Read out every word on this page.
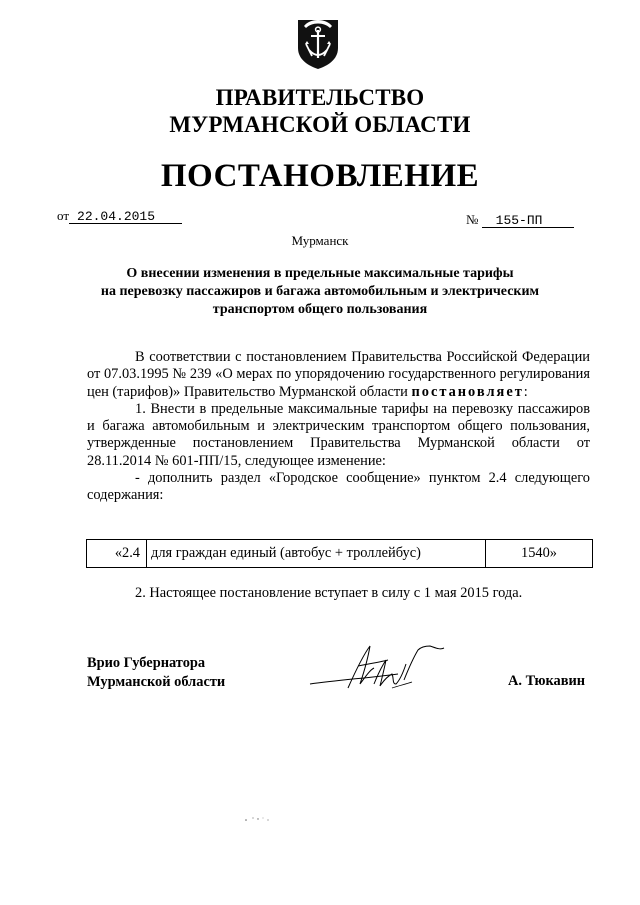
ПРАВИТЕЛЬСТВО
МУРМАНСКОЙ ОБЛАСТИ
ПОСТАНОВЛЕНИЕ
от 22.04.2015	№ 155-ПП
Мурманск
О внесении изменения в предельные максимальные тарифы
на перевозку пассажиров и багажа автомобильным и электрическим
транспортом общего пользования

В соответствии с постановлением Правительства Российской Федерации от 07.03.1995 № 239 «О мерах по упорядочению государственного регулирования цен (тарифов)» Правительство Мурманской области постановляет:

1. Внести в предельные максимальные тарифы на перевозку пассажиров и багажа автомобильным и электрическим транспортом общего пользования, утвержденные постановлением Правительства Мурманской области от 28.11.2014 № 601-ПП/15, следующее изменение:

- дополнить раздел «Городское сообщение» пунктом 2.4 следующего содержания:

«2.4	для граждан единый (автобус + троллейбус)	1540»
2. Настоящее постановление вступает в силу с 1 мая 2015 года.
Врио Губернатора
Мурманской области	А. Тюкавин
